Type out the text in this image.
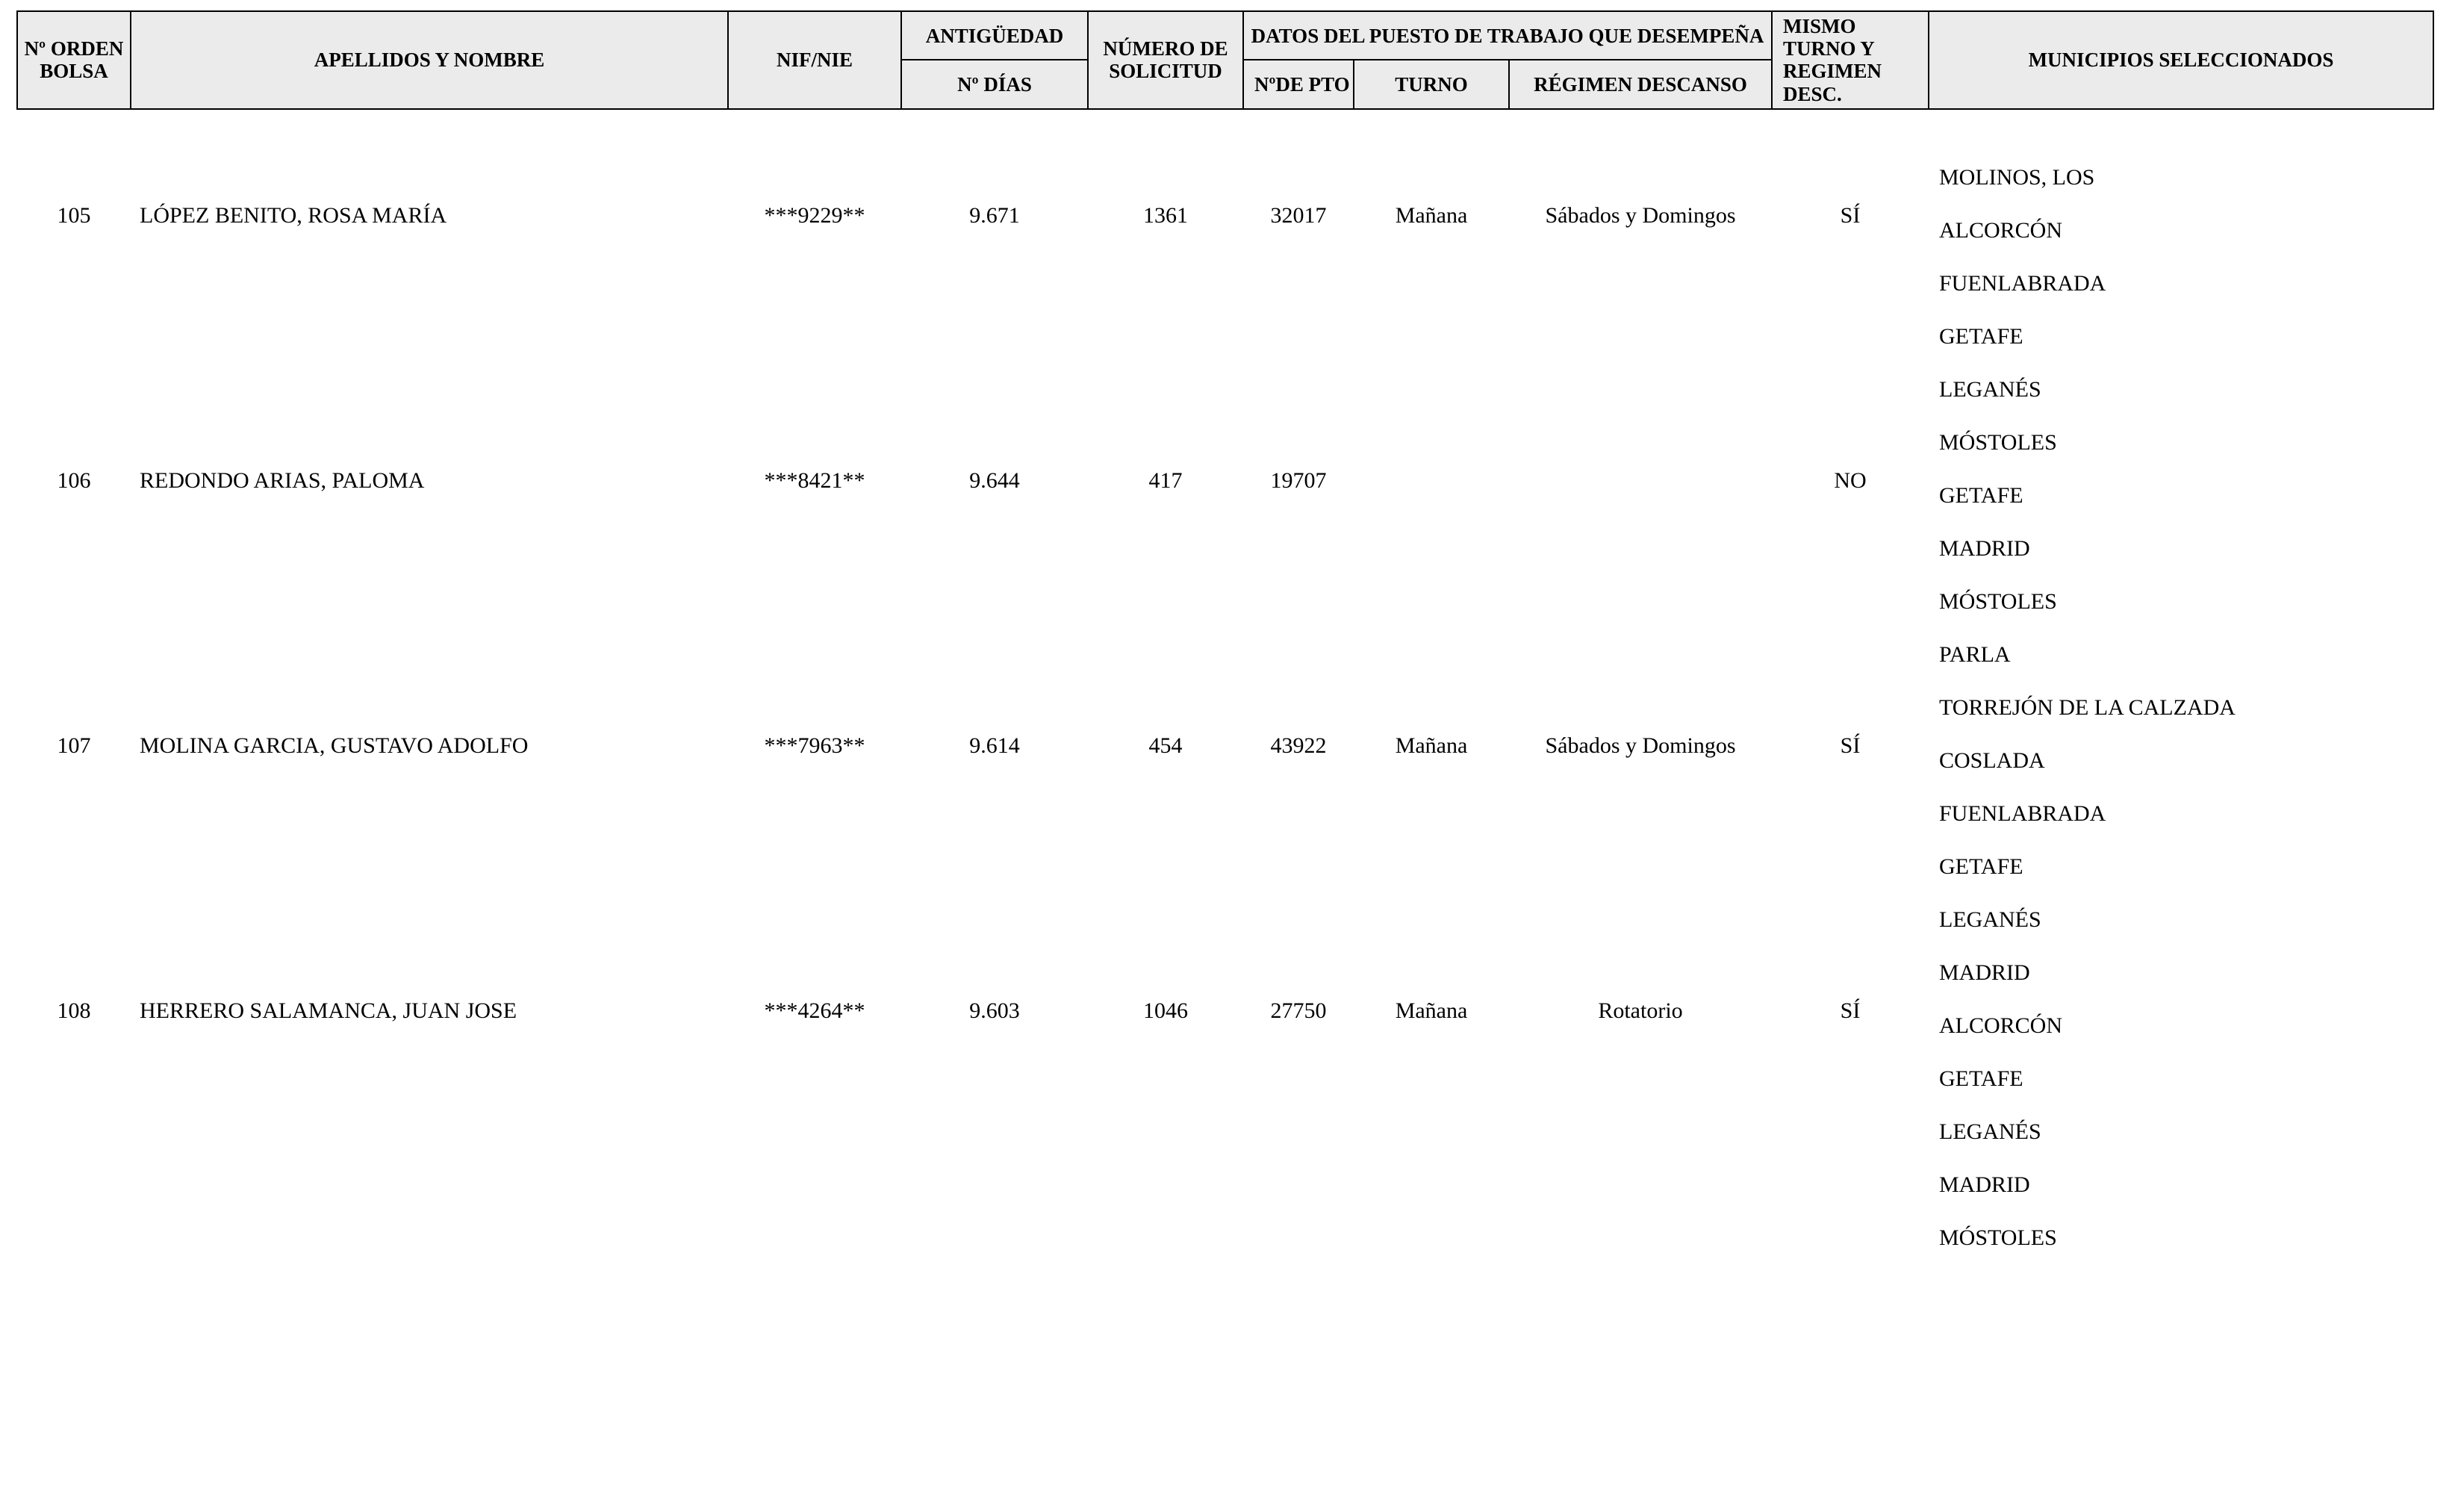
Nº ORDEN BOLSA	APELLIDOS Y NOMBRE	NIF/NIE	ANTIGÜEDAD	NÚMERO DE SOLICITUD	DATOS DEL PUESTO DE TRABAJO QUE DESEMPEÑA			MISMO TURNO Y REGIMEN DESC.	MUNICIPIOS SELECCIONADOS
			Nº DÍAS		NºDE PTO	TURNO	RÉGIMEN DESCANSO		

105	LÓPEZ BENITO, ROSA MARÍA	***9229**	9.671	1361	32017	Mañana	Sábados y Domingos	SÍ

MOLINOS, LOS
ALCORCÓN
FUENLABRADA
GETAFE
LEGANÉS
MÓSTOLES

106	REDONDO ARIAS, PALOMA	***8421**	9.644	417	19707			NO	GETAFE
MADRID
MÓSTOLES
PARLA
TORREJÓN DE LA CALZADA

107	MOLINA GARCIA, GUSTAVO ADOLFO	***7963**	9.614	454	43922	Mañana	Sábados y Domingos	SÍ	COSLADA
FUENLABRADA
GETAFE
LEGANÉS
MADRID

108	HERRERO SALAMANCA, JUAN JOSE	***4264**	9.603	1046	27750	Mañana	Rotatorio	SÍ	ALCORCÓN
GETAFE
LEGANÉS
MADRID
MÓSTOLES
